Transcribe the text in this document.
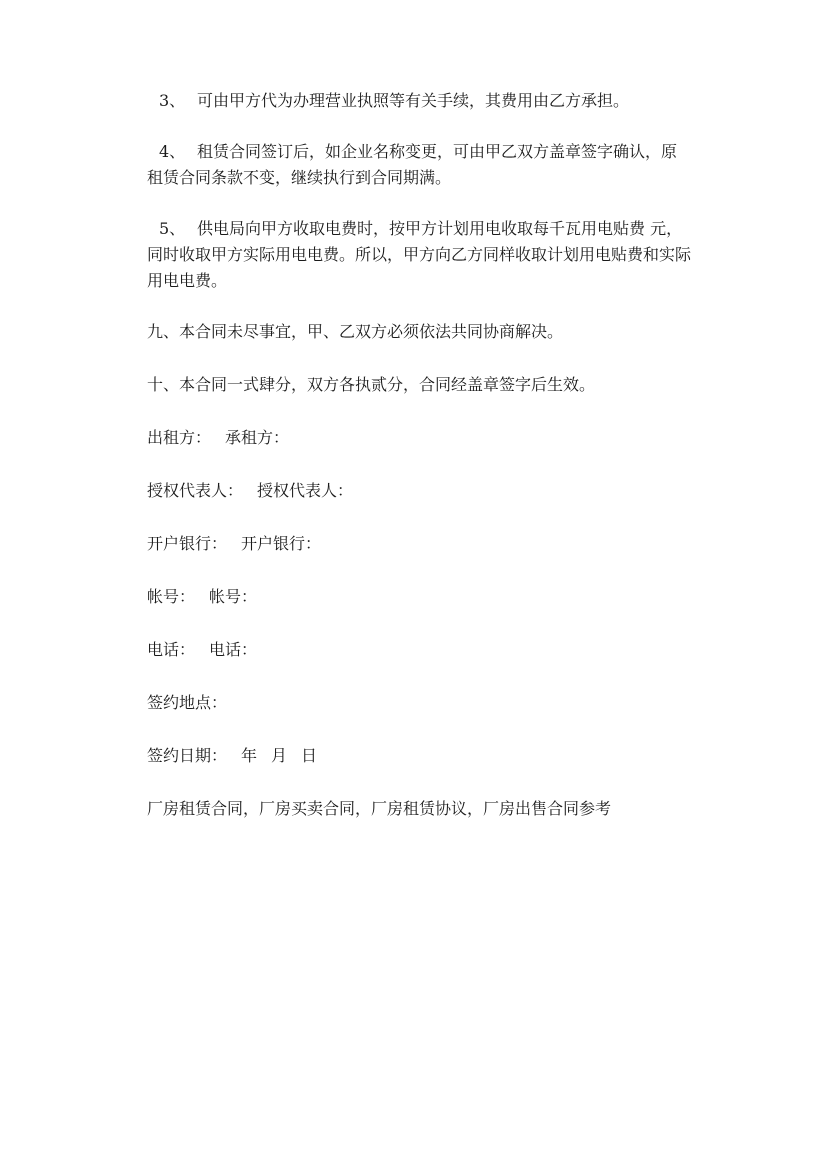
3、 可由甲方代为办理营业执照等有关手续，其费用由乙方承担。
4、 租赁合同签订后，如企业名称变更，可由甲乙双方盖章签字确认，原
租赁合同条款不变，继续执行到合同期满。
5、 供电局向甲方收取电费时，按甲方计划用电收取每千瓦用电贴费 元，
同时收取甲方实际用电电费。所以，甲方向乙方同样收取计划用电贴费和实际
用电电费。
九、本合同未尽事宜，甲、乙双方必须依法共同协商解决。
十、本合同一式肆分，双方各执贰分，合同经盖章签字后生效。
出租方： 承租方：
授权代表人： 授权代表人：
开户银行： 开户银行：
帐号： 帐号：
电话： 电话：
签约地点：
签约日期： 年 月 日
厂房租赁合同，厂房买卖合同，厂房租赁协议，厂房出售合同参考
